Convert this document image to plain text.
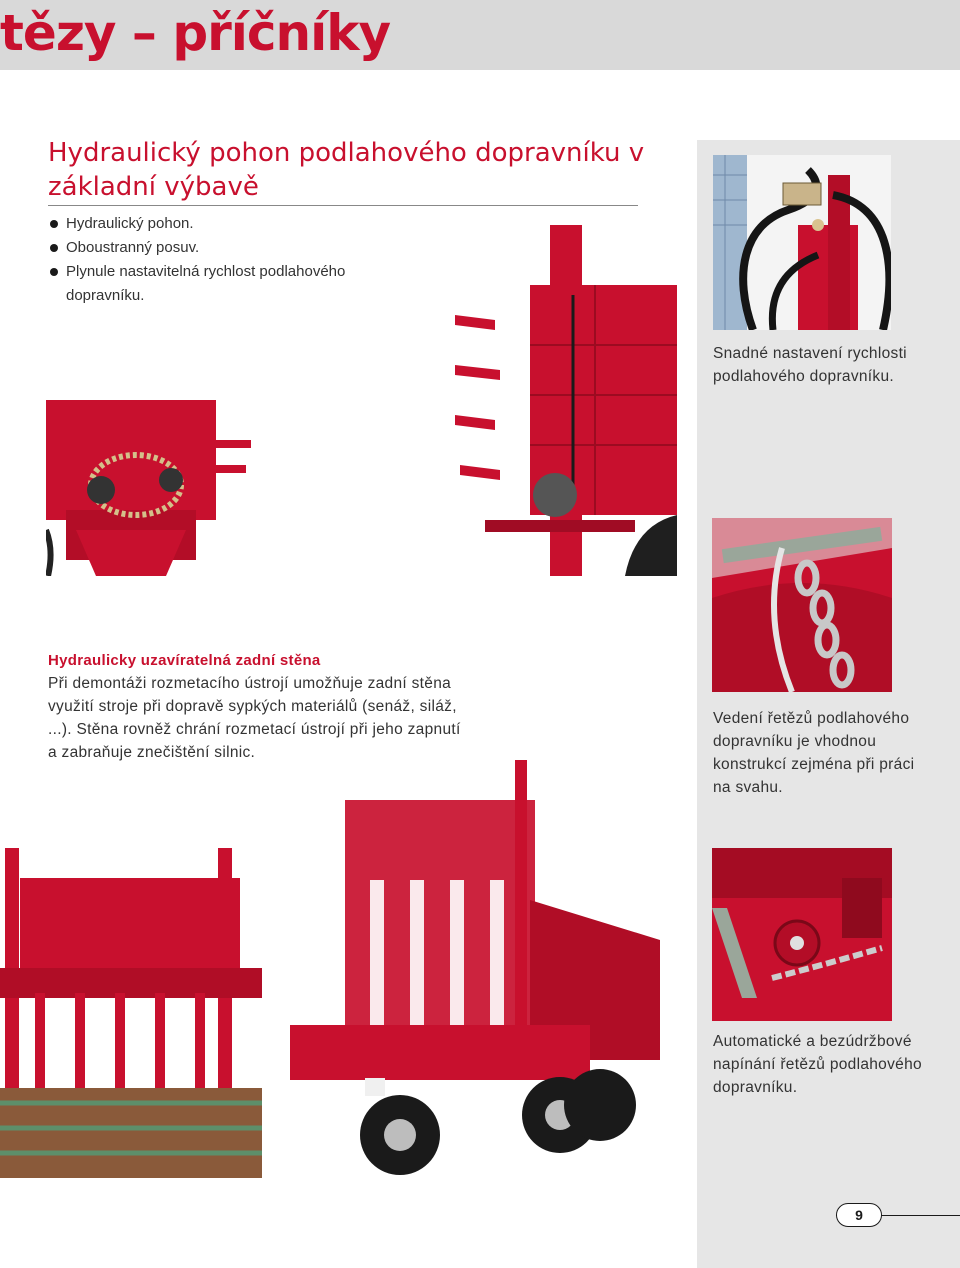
tězy – příčníky
Hydraulický pohon podlahového dopravníku v základní výbavě
Hydraulický pohon.
Oboustranný posuv.
Plynule nastavitelná rychlost podlahového dopravníku.
Snadné nastavení rychlosti podlahového dopravníku.
Vedení řetězů podlahového dopravníku je vhodnou konstrukcí zejména při práci na svahu.
Hydraulicky uzavíratelná zadní stěna
Při demontáži rozmetacího ústrojí umožňuje zadní stěna využití stroje při dopravě sypkých materiálů (senáž, siláž, ...). Stěna rovněž chrání rozmetací ústrojí při jeho zapnutí a zabraňuje znečištění silnic.
Automatické a bezúdržbové napínání řetězů podlahového dopravníku.
9
